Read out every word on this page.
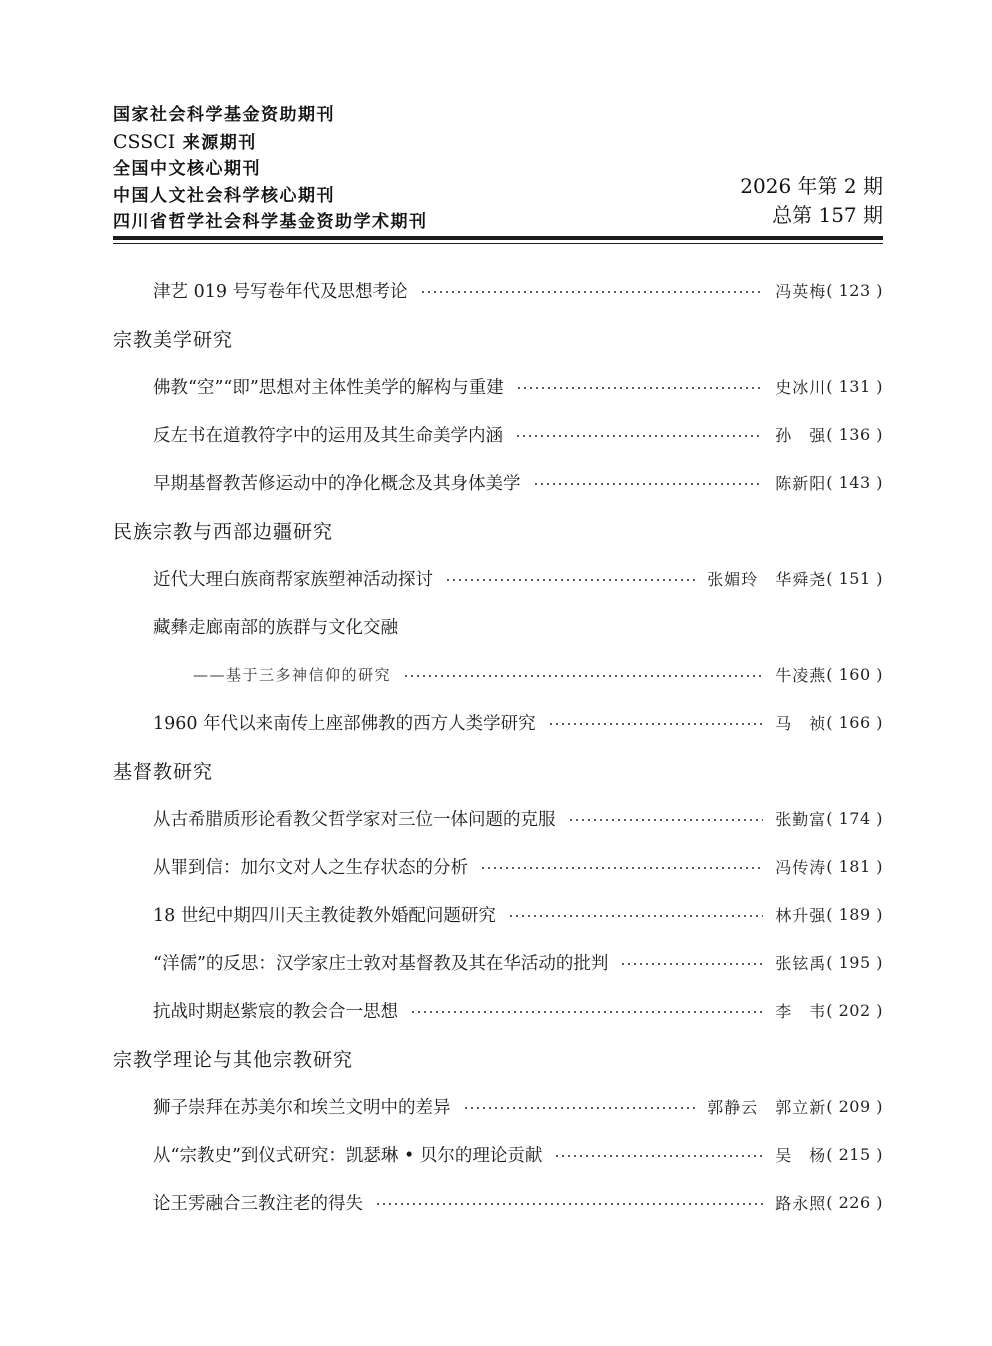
国家社会科学基金资助期刊
CSSCI 来源期刊
全国中文核心期刊
中国人文社会科学核心期刊
四川省哲学社会科学基金资助学术期刊
2026 年第 2 期
总第 157 期
津艺 019 号写卷年代及思想考论	冯英梅 ( 123 )
宗教美学研究
佛教“空”“即”思想对主体性美学的解构与重建	史冰川 ( 131 )
反左书在道教符字中的运用及其生命美学内涵	孙　强 ( 136 )
早期基督教苦修运动中的净化概念及其身体美学	陈新阳 ( 143 )
民族宗教与西部边疆研究
近代大理白族商帮家族塑神活动探讨	张媚玲　华舜尧 ( 151 )
藏彝走廊南部的族群与文化交融
——基于三多神信仰的研究	牛凌燕 ( 160 )
1960 年代以来南传上座部佛教的西方人类学研究	马　祯 ( 166 )
基督教研究
从古希腊质形论看教父哲学家对三位一体问题的克服	张勤富 ( 174 )
从罪到信：加尔文对人之生存状态的分析	冯传涛 ( 181 )
18 世纪中期四川天主教徒教外婚配问题研究	林升强 ( 189 )
“洋儒”的反思：汉学家庄士敦对基督教及其在华活动的批判	张铉禹 ( 195 )
抗战时期赵紫宸的教会合一思想	李　韦 ( 202 )
宗教学理论与其他宗教研究
狮子崇拜在苏美尔和埃兰文明中的差异	郭静云　郭立新 ( 209 )
从“宗教史”到仪式研究：凯瑟琳 • 贝尔的理论贡献	吴　杨 ( 215 )
论王雱融合三教注老的得失	路永照 ( 226 )
